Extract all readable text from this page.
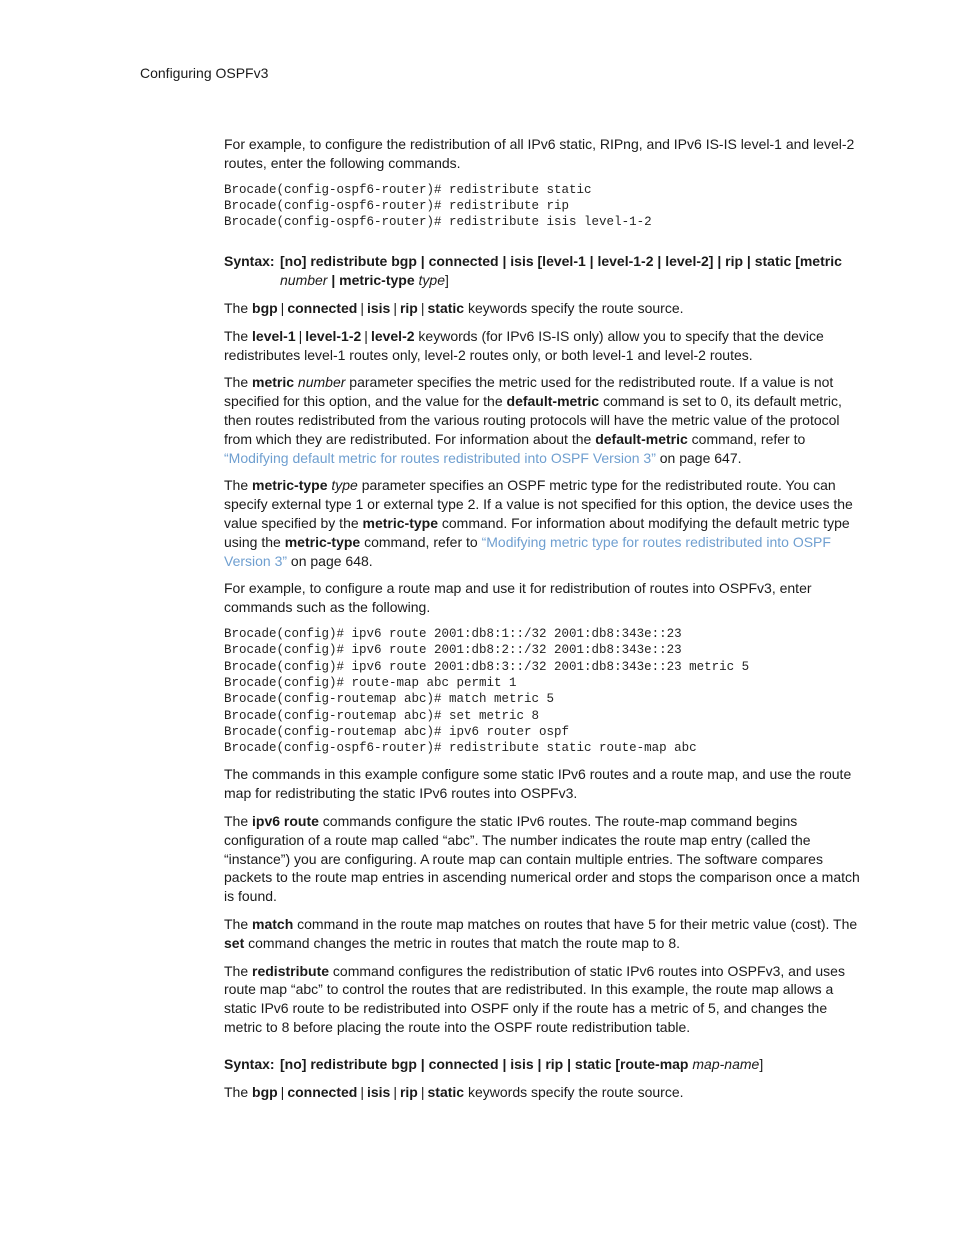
Configuring OSPFv3

For example, to configure the redistribution of all IPv6 static, RIPng, and IPv6 IS-IS level-1 and level-2 routes, enter the following commands.

Brocade(config-ospf6-router)# redistribute static
Brocade(config-ospf6-router)# redistribute rip
Brocade(config-ospf6-router)# redistribute isis level-1-2
Syntax: [no] redistribute bgp | connected | isis [level-1 | level-1-2 | level-2] | rip | static [metric
number | metric-type type]

The bgp | connected | isis | rip | static keywords specify the route source.

The level-1 | level-1-2 | level-2 keywords (for IPv6 IS-IS only) allow you to specify that the device redistributes level-1 routes only, level-2 routes only, or both level-1 and level-2 routes.

The metric number parameter specifies the metric used for the redistributed route. If a value is not specified for this option, and the value for the default-metric command is set to 0, its default metric, then routes redistributed from the various routing protocols will have the metric value of the protocol from which they are redistributed. For information about the default-metric command, refer to “Modifying default metric for routes redistributed into OSPF Version 3” on page 647.

The metric-type type parameter specifies an OSPF metric type for the redistributed route. You can specify external type 1 or external type 2. If a value is not specified for this option, the device uses the value specified by the metric-type command. For information about modifying the default metric type using the metric-type command, refer to “Modifying metric type for routes redistributed into OSPF Version 3” on page 648.

For example, to configure a route map and use it for redistribution of routes into OSPFv3, enter commands such as the following.

Brocade(config)# ipv6 route 2001:db8:1::/32 2001:db8:343e::23
Brocade(config)# ipv6 route 2001:db8:2::/32 2001:db8:343e::23
Brocade(config)# ipv6 route 2001:db8:3::/32 2001:db8:343e::23 metric 5
Brocade(config)# route-map abc permit 1
Brocade(config-routemap abc)# match metric 5
Brocade(config-routemap abc)# set metric 8
Brocade(config-routemap abc)# ipv6 router ospf
Brocade(config-ospf6-router)# redistribute static route-map abc

The commands in this example configure some static IPv6 routes and a route map, and use the route map for redistributing the static IPv6 routes into OSPFv3.

The ipv6 route commands configure the static IPv6 routes. The route-map command begins configuration of a route map called “abc”. The number indicates the route map entry (called the “instance”) you are configuring. A route map can contain multiple entries. The software compares packets to the route map entries in ascending numerical order and stops the comparison once a match is found.

The match command in the route map matches on routes that have 5 for their metric value (cost). The set command changes the metric in routes that match the route map to 8.

The redistribute command configures the redistribution of static IPv6 routes into OSPFv3, and uses route map “abc” to control the routes that are redistributed. In this example, the route map allows a static IPv6 route to be redistributed into OSPF only if the route has a metric of 5, and changes the metric to 8 before placing the route into the OSPF route redistribution table.

Syntax: [no] redistribute bgp | connected | isis | rip | static [route-map map-name]

The bgp | connected | isis | rip | static keywords specify the route source.
